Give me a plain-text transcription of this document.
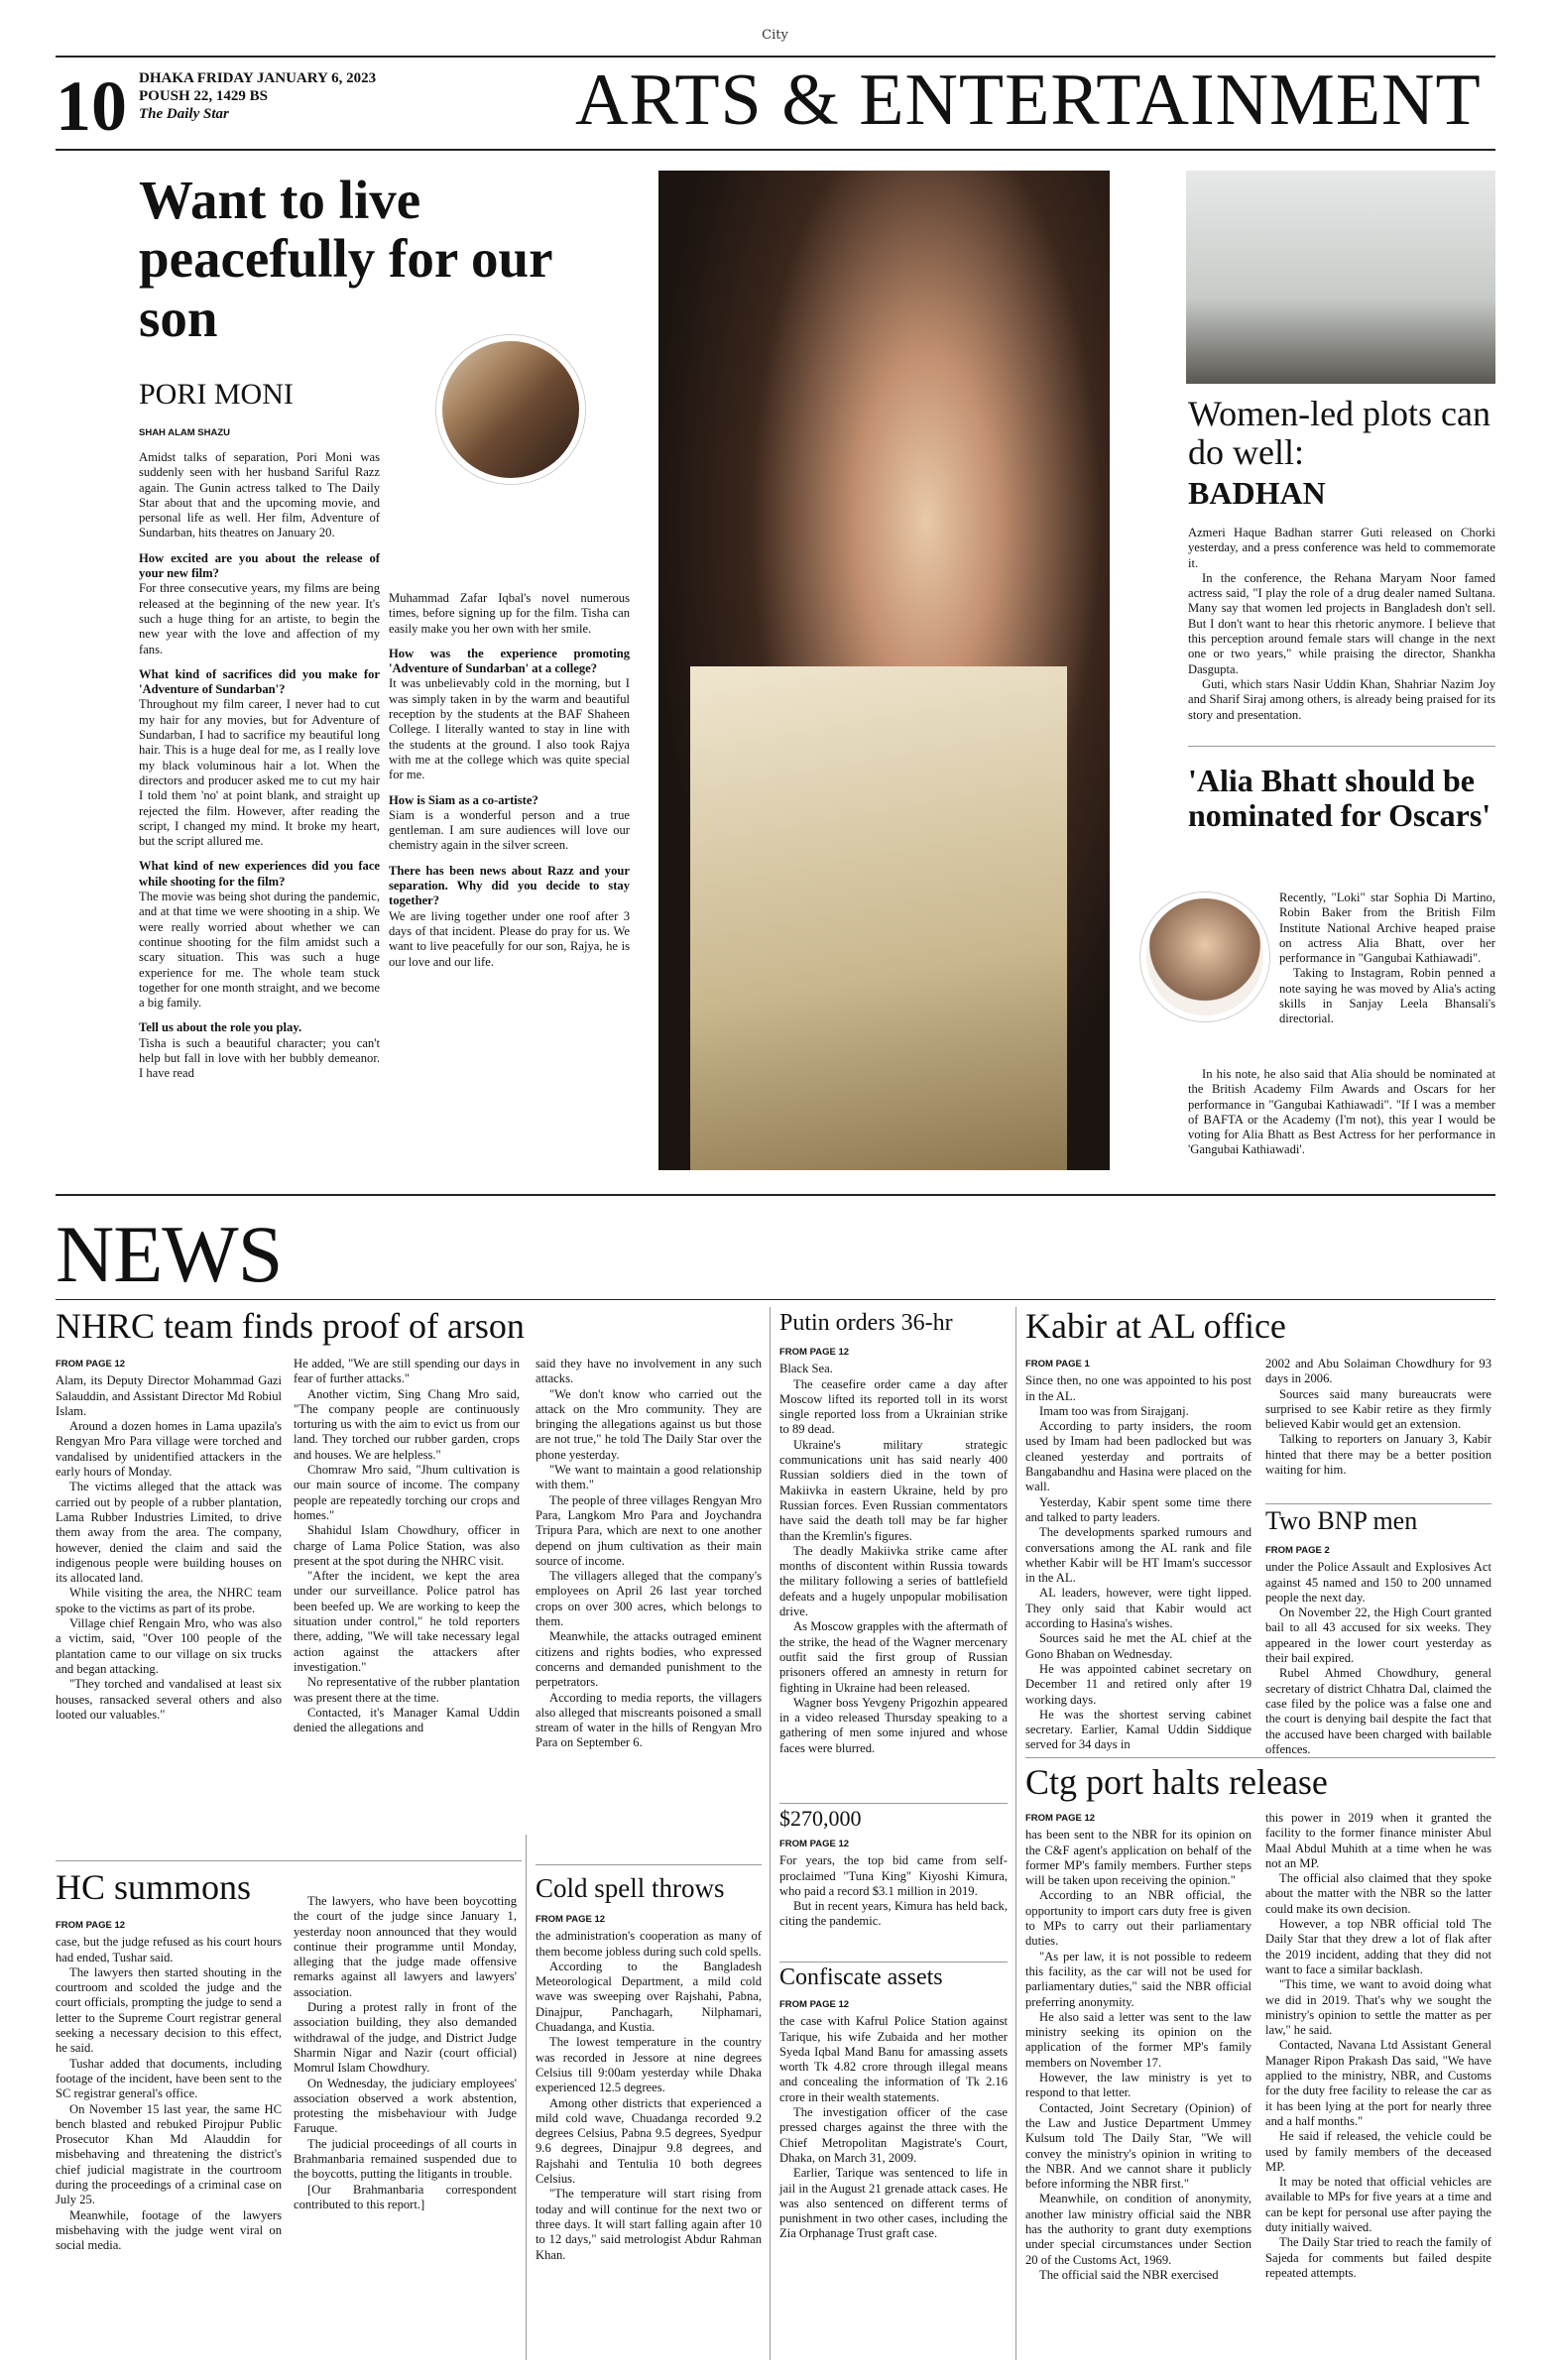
City
10 DHAKA FRIDAY JANUARY 6, 2023
POUSH 22, 1429 BS
The Daily Star	ARTS & ENTERTAINMENT
Want to live peacefully for our son
PORI MONI
SHAH ALAM SHAZU

Amidst talks of separation, Pori Moni was suddenly seen with her husband Sariful Razz again. The Gunin actress talked to The Daily Star about that and the upcoming movie, and personal life as well. Her film, Adventure of Sundarban, hits theatres on January 20.

How excited are you about the release of your new film?

For three consecutive years, my films are being released at the beginning of the new year. It's such a huge thing for an artiste, to begin the new year with the love and affection of my fans.

What kind of sacrifices did you make for 'Adventure of Sundarban'?

Throughout my film career, I never had to cut my hair for any movies, but for Adventure of Sundarban, I had to sacrifice my beautiful long hair. This is a huge deal for me, as I really love my black voluminous hair a lot. When the directors and producer asked me to cut my hair I told them 'no' at point blank, and straight up rejected the film. However, after reading the script, I changed my mind. It broke my heart, but the script allured me.

What kind of new experiences did you face while shooting for the film?

The movie was being shot during the pandemic, and at that time we were shooting in a ship. We were really worried about whether we can continue shooting for the film amidst such a scary situation. This was such a huge experience for me. The whole team stuck together for one month straight, and we become a big family.

Tell us about the role you play.

Tisha is such a beautiful character; you can't help but fall in love with her bubbly demeanor. I have read

Muhammad Zafar Iqbal's novel numerous times, before signing up for the film. Tisha can easily make you her own with her smile.

How was the experience promoting 'Adventure of Sundarban' at a college?

It was unbelievably cold in the morning, but I was simply taken in by the warm and beautiful reception by the students at the BAF Shaheen College. I literally wanted to stay in line with the students at the ground. I also took Rajya with me at the college which was quite special for me.

How is Siam as a co-artiste?

Siam is a wonderful person and a true gentleman. I am sure audiences will love our chemistry again in the silver screen.

There has been news about Razz and your separation. Why did you decide to stay together?

We are living together under one roof after 3 days of that incident. Please do pray for us. We want to live peacefully for our son, Rajya, he is our love and our life.	PHOTO: COLLECTED
Women-led plots can do well:
BADHAN

Azmeri Haque Badhan starrer Guti released on Chorki yesterday, and a press conference was held to commemorate it.

In the conference, the Rehana Maryam Noor famed actress said, "I play the role of a drug dealer named Sultana. Many say that women led projects in Bangladesh don't sell. But I don't want to hear this rhetoric anymore. I believe that this perception around female stars will change in the next one or two years," while praising the director, Shankha Dasgupta.

Guti, which stars Nasir Uddin Khan, Shahriar Nazim Joy and Sharif Siraj among others, is already being praised for its story and presentation.

'Alia Bhatt should be nominated for Oscars'

Recently, "Loki" star Sophia Di Martino, Robin Baker from the British Film Institute National Archive heaped praise on actress Alia Bhatt, over her performance in "Gangubai Kathiawadi".

Taking to Instagram, Robin penned a note saying he was moved by Alia's acting skills in Sanjay Leela Bhansali's directorial.

In his note, he also said that Alia should be nominated at the British Academy Film Awards and Oscars for her performance in "Gangubai Kathiawadi". "If I was a member of BAFTA or the Academy (I'm not), this year I would be voting for Alia Bhatt as Best Actress for her performance in 'Gangubai Kathiawadi'.

NEWS
NHRC team finds proof of arson
FROM PAGE 12

Alam, its Deputy Director Mohammad Gazi Salauddin, and Assistant Director Md Robiul Islam.

Around a dozen homes in Lama upazila's Rengyan Mro Para village were torched and vandalised by unidentified attackers in the early hours of Monday.

The victims alleged that the attack was carried out by people of a rubber plantation, Lama Rubber Industries Limited, to drive them away from the area. The company, however, denied the claim and said the indigenous people were building houses on its allocated land.

While visiting the area, the NHRC team spoke to the victims as part of its probe.

Village chief Rengain Mro, who was also a victim, said, "Over 100 people of the plantation came to our village on six trucks and began attacking.

"They torched and vandalised at least six houses, ransacked several others and also looted our valuables."

He added, "We are still spending our days in fear of further attacks."

Another victim, Sing Chang Mro said, "The company people are continuously torturing us with the aim to evict us from our land. They torched our rubber garden, crops and houses. We are helpless."

Chomraw Mro said, "Jhum cultivation is our main source of income. The company people are repeatedly torching our crops and homes."

Shahidul Islam Chowdhury, officer in charge of Lama Police Station, was also present at the spot during the NHRC visit.

"After the incident, we kept the area under our surveillance. Police patrol has been beefed up. We are working to keep the situation under control," he told reporters there, adding, "We will take necessary legal action against the attackers after investigation."

No representative of the rubber plantation was present there at the time.

Contacted, it's Manager Kamal Uddin denied the allegations and

said they have no involvement in any such attacks.

"We don't know who carried out the attack on the Mro community. They are bringing the allegations against us but those are not true," he told The Daily Star over the phone yesterday.

"We want to maintain a good relationship with them."

The people of three villages Rengyan Mro Para, Langkom Mro Para and Joychandra Tripura Para, which are next to one another depend on jhum cultivation as their main source of income.

The villagers alleged that the company's employees on April 26 last year torched crops on over 300 acres, which belongs to them.

Meanwhile, the attacks outraged eminent citizens and rights bodies, who expressed concerns and demanded punishment to the perpetrators.

According to media reports, the villagers also alleged that miscreants poisoned a small stream of water in the hills of Rengyan Mro Para on September 6.

HC summons
FROM PAGE 12

case, but the judge refused as his court hours had ended, Tushar said.

The lawyers then started shouting in the courtroom and scolded the judge and the court officials, prompting the judge to send a letter to the Supreme Court registrar general seeking a necessary decision to this effect, he said.

Tushar added that documents, including footage of the incident, have been sent to the SC registrar general's office.

On November 15 last year, the same HC bench blasted and rebuked Pirojpur Public Prosecutor Khan Md Alauddin for misbehaving and threatening the district's chief judicial magistrate in the courtroom during the proceedings of a criminal case on July 25.

Meanwhile, footage of the lawyers misbehaving with the judge went viral on social media.

The lawyers, who have been boycotting the court of the judge since January 1, yesterday noon announced that they would continue their programme until Monday, alleging that the judge made offensive remarks against all lawyers and lawyers' association.

During a protest rally in front of the association building, they also demanded withdrawal of the judge, and District Judge Sharmin Nigar and Nazir (court official) Momrul Islam Chowdhury.

On Wednesday, the judiciary employees' association observed a work abstention, protesting the misbehaviour with Judge Faruque.

The judicial proceedings of all courts in Brahmanbaria remained suspended due to the boycotts, putting the litigants in trouble.

[Our Brahmanbaria correspondent contributed to this report.]

Cold spell throws
FROM PAGE 12

the administration's cooperation as many of them become jobless during such cold spells.

According to the Bangladesh Meteorological Department, a mild cold wave was sweeping over Rajshahi, Pabna, Dinajpur, Panchagarh, Nilphamari, Chuadanga, and Kustia.

The lowest temperature in the country was recorded in Jessore at nine degrees Celsius till 9:00am yesterday while Dhaka experienced 12.5 degrees.

Among other districts that experienced a mild cold wave, Chuadanga recorded 9.2 degrees Celsius, Pabna 9.5 degrees, Syedpur 9.6 degrees, Dinajpur 9.8 degrees, and Rajshahi and Tentulia 10 both degrees Celsius.

"The temperature will start rising from today and will continue for the next two or three days. It will start falling again after 10 to 12 days," said metrologist Abdur Rahman Khan.

Putin orders 36-hr
FROM PAGE 12

Black Sea.

The ceasefire order came a day after Moscow lifted its reported toll in its worst single reported loss from a Ukrainian strike to 89 dead.

Ukraine's military strategic communications unit has said nearly 400 Russian soldiers died in the town of Makiivka in eastern Ukraine, held by pro Russian forces. Even Russian commentators have said the death toll may be far higher than the Kremlin's figures.

The deadly Makiivka strike came after months of discontent within Russia towards the military following a series of battlefield defeats and a hugely unpopular mobilisation drive.

As Moscow grapples with the aftermath of the strike, the head of the Wagner mercenary outfit said the first group of Russian prisoners offered an amnesty in return for fighting in Ukraine had been released.

Wagner boss Yevgeny Prigozhin appeared in a video released Thursday speaking to a gathering of men some injured and whose faces were blurred.

$270,000
FROM PAGE 12

For years, the top bid came from self-proclaimed "Tuna King" Kiyoshi Kimura, who paid a record $3.1 million in 2019.

But in recent years, Kimura has held back, citing the pandemic.

Confiscate assets
FROM PAGE 12

the case with Kafrul Police Station against Tarique, his wife Zubaida and her mother Syeda Iqbal Mand Banu for amassing assets worth Tk 4.82 crore through illegal means and concealing the information of Tk 2.16 crore in their wealth statements.

The investigation officer of the case pressed charges against the three with the Chief Metropolitan Magistrate's Court, Dhaka, on March 31, 2009.

Earlier, Tarique was sentenced to life in jail in the August 21 grenade attack cases. He was also sentenced on different terms of punishment in two other cases, including the Zia Orphanage Trust graft case.

Kabir at AL office
FROM PAGE 1

Since then, no one was appointed to his post in the AL.

Imam too was from Sirajganj.

According to party insiders, the room used by Imam had been padlocked but was cleaned yesterday and portraits of Bangabandhu and Hasina were placed on the wall.

Yesterday, Kabir spent some time there and talked to party leaders.

The developments sparked rumours and conversations among the AL rank and file whether Kabir will be HT Imam's successor in the AL.

AL leaders, however, were tight lipped. They only said that Kabir would act according to Hasina's wishes.

Sources said he met the AL chief at the Gono Bhaban on Wednesday.

He was appointed cabinet secretary on December 11 and retired only after 19 working days.

He was the shortest serving cabinet secretary. Earlier, Kamal Uddin Siddique served for 34 days in

2002 and Abu Solaiman Chowdhury for 93 days in 2006.

Sources said many bureaucrats were surprised to see Kabir retire as they firmly believed Kabir would get an extension.

Talking to reporters on January 3, Kabir hinted that there may be a better position waiting for him.

Two BNP men
FROM PAGE 2

under the Police Assault and Explosives Act against 45 named and 150 to 200 unnamed people the next day.

On November 22, the High Court granted bail to all 43 accused for six weeks. They appeared in the lower court yesterday as their bail expired.

Rubel Ahmed Chowdhury, general secretary of district Chhatra Dal, claimed the case filed by the police was a false one and the court is denying bail despite the fact that the accused have been charged with bailable offences.

Ctg port halts release
FROM PAGE 12

has been sent to the NBR for its opinion on the C&F agent's application on behalf of the former MP's family members. Further steps will be taken upon receiving the opinion."

According to an NBR official, the opportunity to import cars duty free is given to MPs to carry out their parliamentary duties.

"As per law, it is not possible to redeem this facility, as the car will not be used for parliamentary duties," said the NBR official preferring anonymity.

He also said a letter was sent to the law ministry seeking its opinion on the application of the former MP's family members on November 17.

However, the law ministry is yet to respond to that letter.

Contacted, Joint Secretary (Opinion) of the Law and Justice Department Ummey Kulsum told The Daily Star, "We will convey the ministry's opinion in writing to the NBR. And we cannot share it publicly before informing the NBR first."

Meanwhile, on condition of anonymity, another law ministry official said the NBR has the authority to grant duty exemptions under special circumstances under Section 20 of the Customs Act, 1969.

The official said the NBR exercised

this power in 2019 when it granted the facility to the former finance minister Abul Maal Abdul Muhith at a time when he was not an MP.

The official also claimed that they spoke about the matter with the NBR so the latter could make its own decision.

However, a top NBR official told The Daily Star that they drew a lot of flak after the 2019 incident, adding that they did not want to face a similar backlash.

"This time, we want to avoid doing what we did in 2019. That's why we sought the ministry's opinion to settle the matter as per law," he said.

Contacted, Navana Ltd Assistant General Manager Ripon Prakash Das said, "We have applied to the ministry, NBR, and Customs for the duty free facility to release the car as it has been lying at the port for nearly three and a half months."

He said if released, the vehicle could be used by family members of the deceased MP.

It may be noted that official vehicles are available to MPs for five years at a time and can be kept for personal use after paying the duty initially waived.

The Daily Star tried to reach the family of Sajeda for comments but failed despite repeated attempts.
